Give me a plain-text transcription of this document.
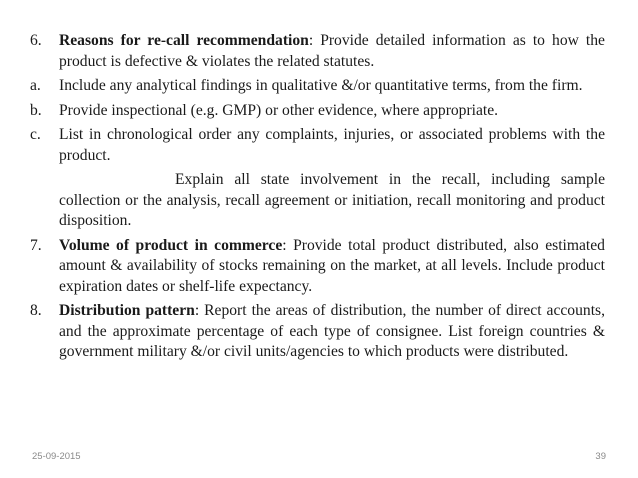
6. Reasons for re-call recommendation: Provide detailed information as to how the product is defective & violates the related statutes.
a. Include any analytical findings in qualitative &/or quantitative terms, from the firm.
b. Provide inspectional (e.g. GMP) or other evidence, where appropriate.
c. List in chronological order any complaints, injuries, or associated problems with the product.
Explain all state involvement in the recall, including sample collection or the analysis, recall agreement or initiation, recall monitoring and product disposition.
7. Volume of product in commerce: Provide total product distributed, also estimated amount & availability of stocks remaining on the market, at all levels. Include product expiration dates or shelf-life expectancy.
8. Distribution pattern: Report the areas of distribution, the number of direct accounts, and the approximate percentage of each type of consignee. List foreign countries & government military &/or civil units/agencies to which products were distributed.
25-09-2015	39
